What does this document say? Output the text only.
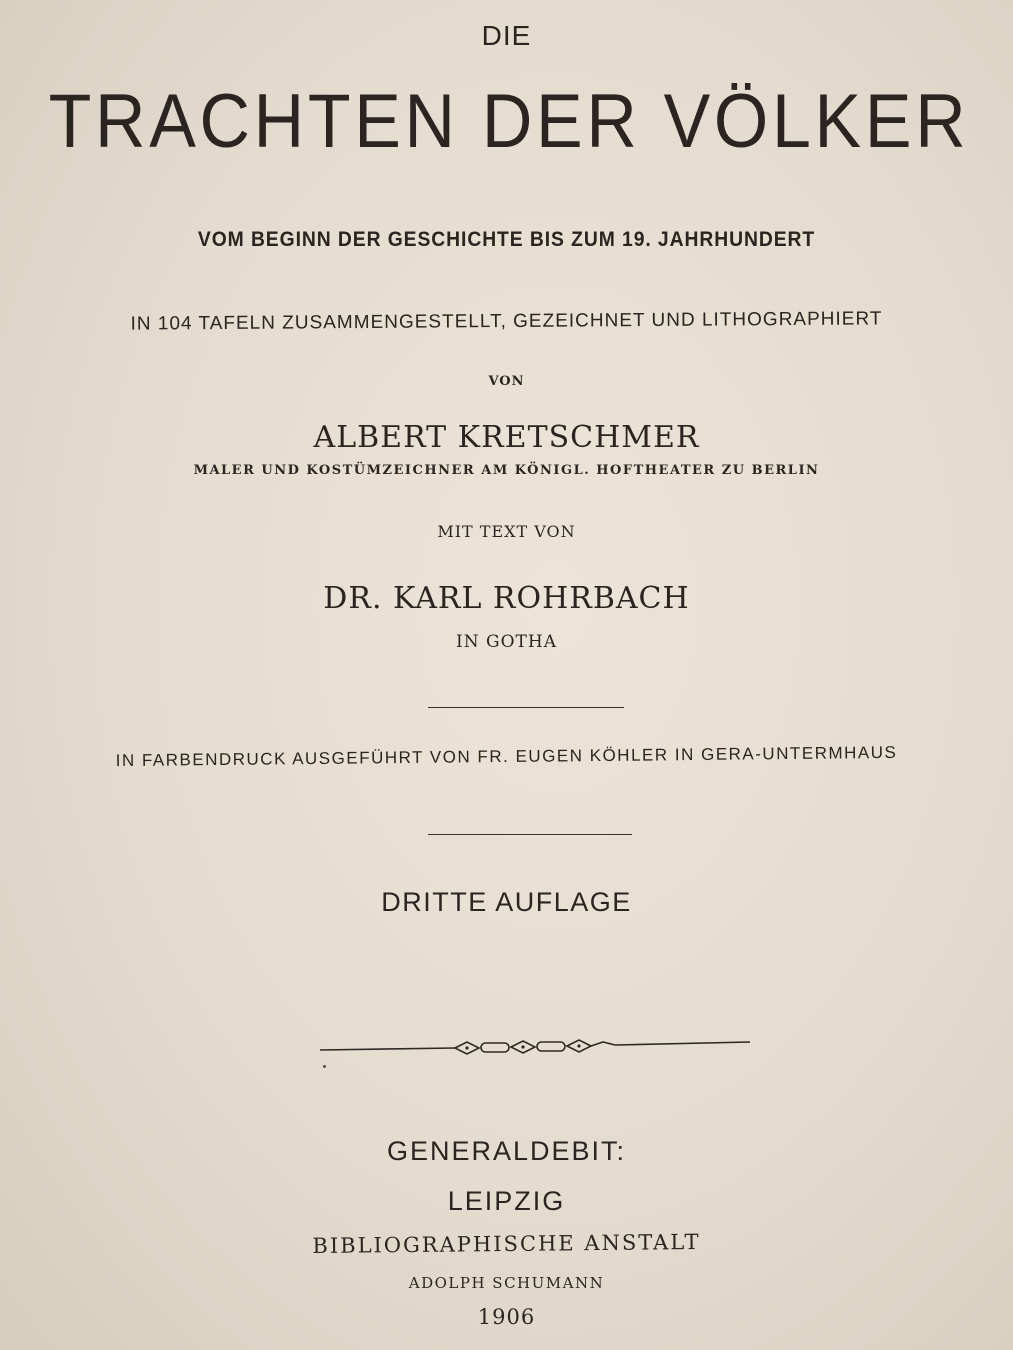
DIE
TRACHTEN DER VÖLKER
VOM BEGINN DER GESCHICHTE BIS ZUM 19. JAHRHUNDERT
IN 104 TAFELN ZUSAMMENGESTELLT, GEZEICHNET UND LITHOGRAPHIERT
VON
ALBERT KRETSCHMER
MALER UND KOSTÜMZEICHNER AM KÖNIGL. HOFTHEATER ZU BERLIN
MIT TEXT VON
DR. KARL ROHRBACH
IN GOTHA
IN FARBENDRUCK AUSGEFÜHRT VON FR. EUGEN KÖHLER IN GERA-UNTERMHAUS
DRITTE AUFLAGE
GENERALDEBIT:
LEIPZIG
BIBLIOGRAPHISCHE ANSTALT
ADOLPH SCHUMANN
1906
